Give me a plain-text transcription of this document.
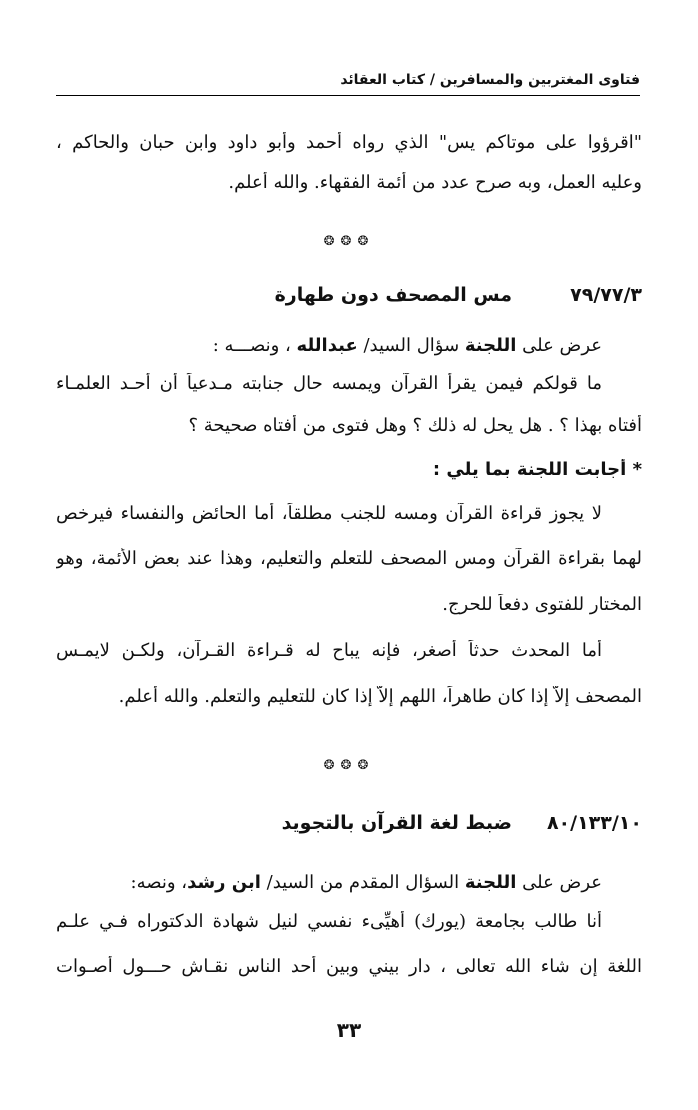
فتاوى المغتربين والمسافرين / كتاب العقائد
"اقرؤوا على موتاكم يس" الذي رواه أحمد وأبو داود وابن حبان والحاكم ،
وعليه العمل، وبه صرح عدد من أئمة الفقهاء. والله أعلم.
❂❂❂
٧٩/٧٧/٣
مس المصحف دون طهارة
عرض على اللجنة سؤال السيد/ عبدالله ، ونصـــه :
ما قولكم فيمن يقرأ القرآن ويمسه حال جنابته مـدعياً أن أحـد العلمـاء
أفتاه بهذا ؟ . هل يحل له ذلك ؟ وهل فتوى من أفتاه صحيحة ؟
* أجابت اللجنة بما يلي :
لا يجوز قراءة القرآن ومسه للجنب مطلقاً، أما الحائض والنفساء فيرخص
لهما بقراءة القرآن ومس المصحف للتعلم والتعليم، وهذا عند بعض الأئمة، وهو
المختار للفتوى دفعاً للحرج.
أما المحدث حدثاً أصغر، فإنه يباح له قـراءة القـرآن، ولكـن لايمـس
المصحف إلاَّ إذا كان طاهراً، اللهم إلاَّ إذا كان للتعليم والتعلم. والله أعلم.
❂❂❂
٨٠/١٣٣/١٠
ضبط لغة القرآن بالتجويد
عرض على اللجنة السؤال المقدم من السيد/ ابن رشد، ونصه:
أنا طالب بجامعة (يورك) أهيِّىء نفسي لنيل شهادة الدكتوراه فـي علـم
اللغة إن شاء الله تعالى ، دار بيني وبين أحد الناس نقـاش حـــول أصـوات
٣٣
